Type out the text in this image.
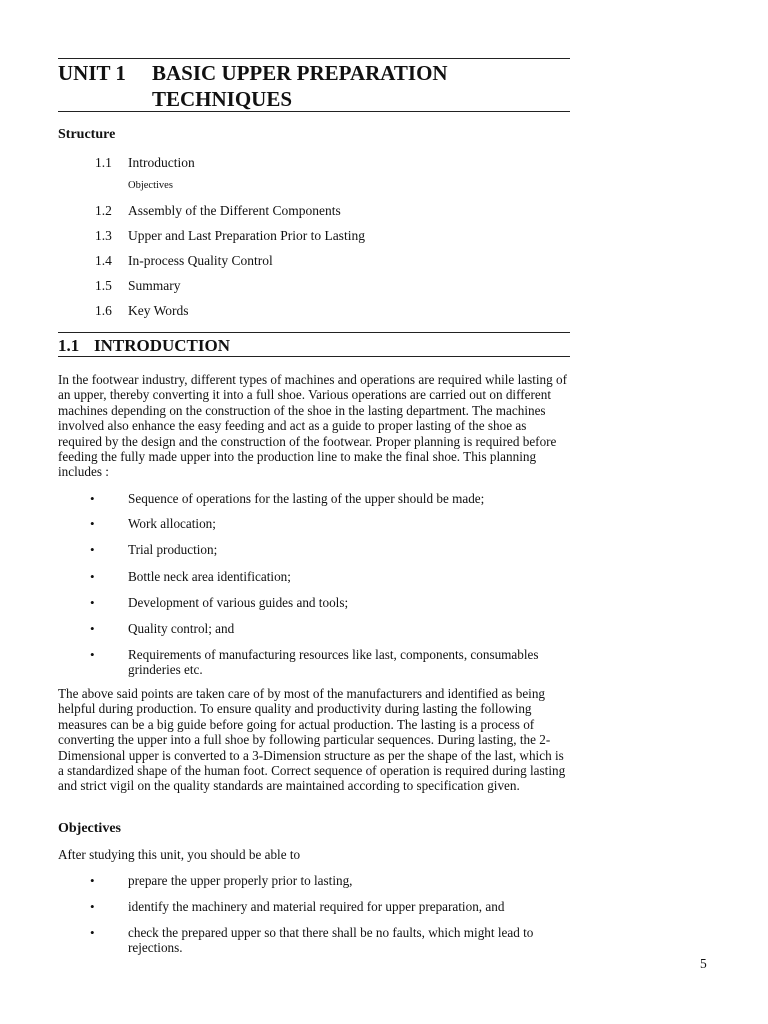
UNIT 1 BASIC UPPER PREPARATION
TECHNIQUES
Structure
1.1 Introduction
Objectives
1.2 Assembly of the Different Components
1.3 Upper and Last Preparation Prior to Lasting
1.4 In-process Quality Control
1.5 Summary
1.6 Key Words
1.1 INTRODUCTION

In the footwear industry, different types of machines and operations are required while lasting of an upper, thereby converting it into a full shoe. Various operations are carried out on different machines depending on the construction of the shoe in the lasting department. The machines involved also enhance the easy feeding and act as a guide to proper lasting of the shoe as required by the design and the construction of the footwear. Proper planning is required before feeding the fully made upper into the production line to make the final shoe. This planning includes :

•	Sequence of operations for the lasting of the upper should be made;
•	Work allocation;
•	Trial production;
•	Bottle neck area identification;
•	Development of various guides and tools;
•	Quality control; and
•	Requirements of manufacturing resources like last, components, consumables grinderies etc.

The above said points are taken care of by most of the manufacturers and identified as being helpful during production. To ensure quality and productivity during lasting the following measures can be a big guide before going for actual production. The lasting is a process of converting the upper into a full shoe by following particular sequences. During lasting, the 2-Dimensional upper is converted to a 3-Dimension structure as per the shape of the last, which is a standardized shape of the human foot. Correct sequence of operation is required during lasting and strict vigil on the quality standards are maintained according to specification given.

Objectives

After studying this unit, you should be able to

•	prepare the upper properly prior to lasting,
•	identify the machinery and material required for upper preparation, and
•	check the prepared upper so that there shall be no faults, which might lead to rejections.
5
